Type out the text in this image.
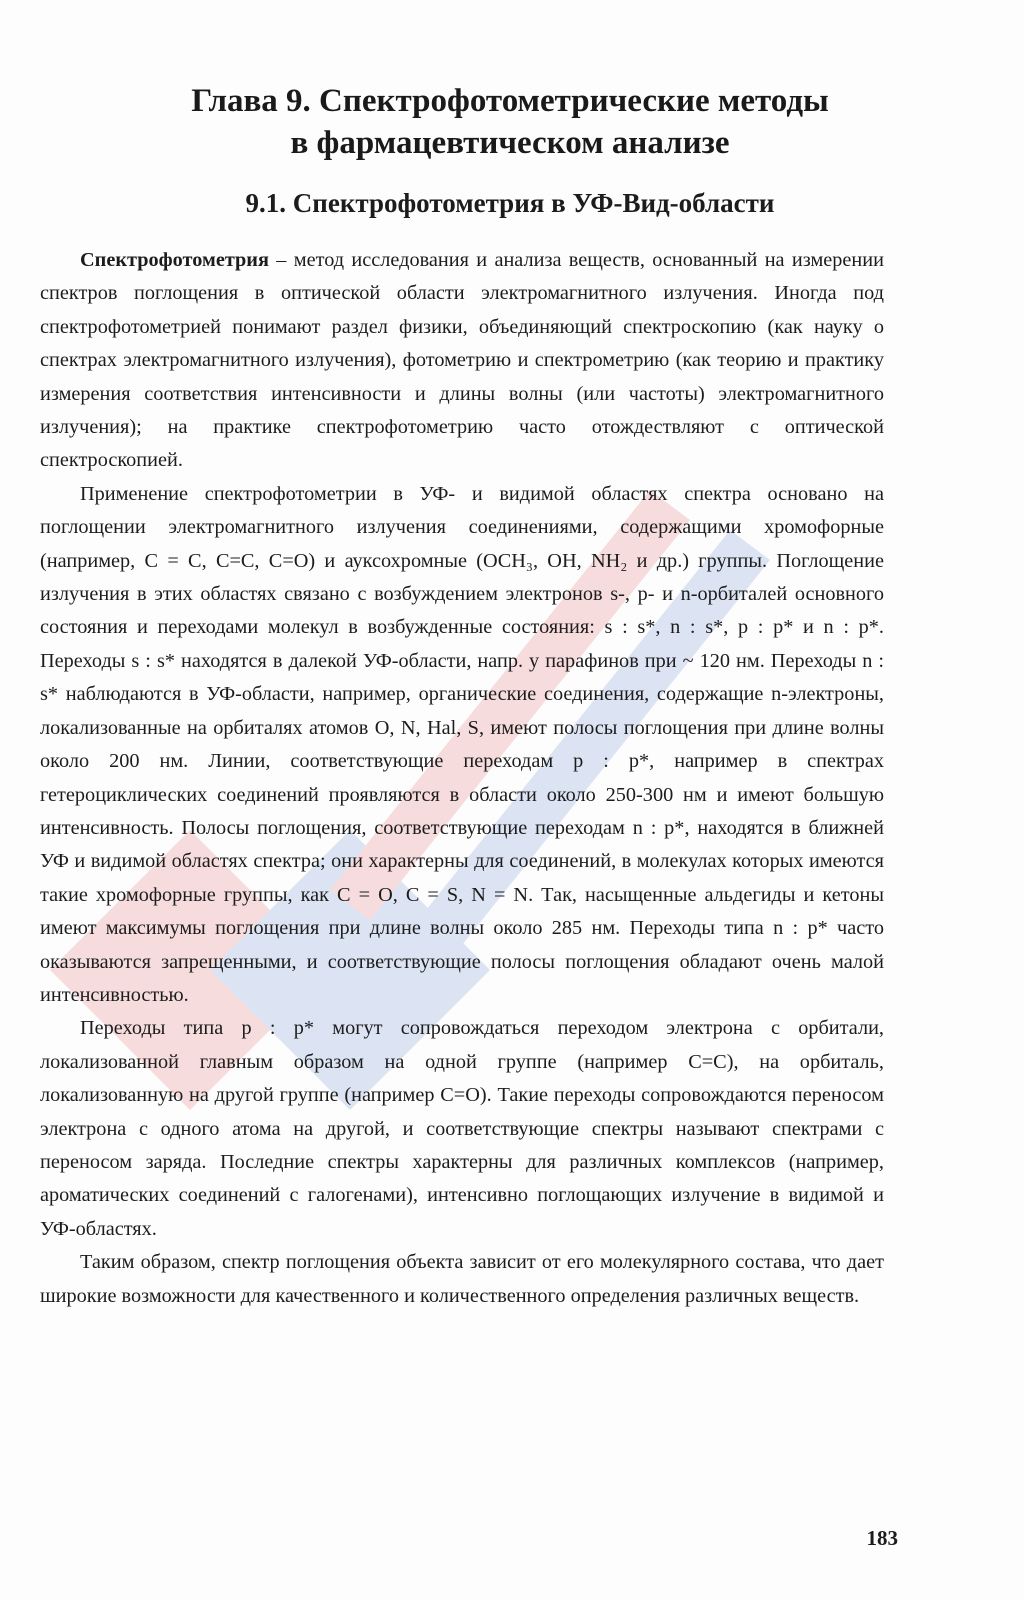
Глава 9. Спектрофотометрические методы
в фармацевтическом анализе
9.1. Спектрофотометрия в УФ-Вид-области

Спектрофотометрия – метод исследования и анализа веществ, основанный на измерении спектров поглощения в оптической области электромагнитного излучения. Иногда под спектрофотометрией понимают раздел физики, объединяющий спектроскопию (как науку о спектрах электромагнитного излучения), фотометрию и спектрометрию (как теорию и практику измерения соответствия интенсивности и длины волны (или частоты) электромагнитного излучения); на практике спектрофотометрию часто отождествляют с оптической спектроскопией.

Применение спектрофотометрии в УФ- и видимой областях спектра основано на поглощении электромагнитного излучения соединениями, содержащими хромофорные (например, C = C, C=C, C=O) и ауксохромные (OCH₃, OH, NH₂ и др.) группы. Поглощение излучения в этих областях связано с возбуждением электронов s-, p- и n-орбиталей основного состояния и переходами молекул в возбужденные состояния: s : s*, n : s*, p : p* и n : p*. Переходы s : s* находятся в далекой УФ-области, напр. у парафинов при ~ 120 нм. Переходы n : s* наблюдаются в УФ-области, например, органические соединения, содержащие n-электроны, локализованные на орбиталях атомов O, N, Hal, S, имеют полосы поглощения при длине волны около 200 нм. Линии, соответствующие переходам p : p*, например в спектрах гетероциклических соединений проявляются в области около 250-300 нм и имеют большую интенсивность. Полосы поглощения, соответствующие переходам n : p*, находятся в ближней УФ и видимой областях спектра; они характерны для соединений, в молекулах которых имеются такие хромофорные группы, как C = O, C = S, N = N. Так, насыщенные альдегиды и кетоны имеют максимумы поглощения при длине волны около 285 нм. Переходы типа n : p* часто оказываются запрещенными, и соответствующие полосы поглощения обладают очень малой интенсивностью.

Переходы типа p : p* могут сопровождаться переходом электрона с орбитали, локализованной главным образом на одной группе (например C=C), на орбиталь, локализованную на другой группе (например C=O). Такие переходы сопровождаются переносом электрона с одного атома на другой, и соответствующие спектры называют спектрами с переносом заряда. Последние спектры характерны для различных комплексов (например, ароматических соединений с галогенами), интенсивно поглощающих излучение в видимой и УФ-областях.

Таким образом, спектр поглощения объекта зависит от его молекулярного состава, что дает широкие возможности для качественного и количественного определения различных веществ.

183
